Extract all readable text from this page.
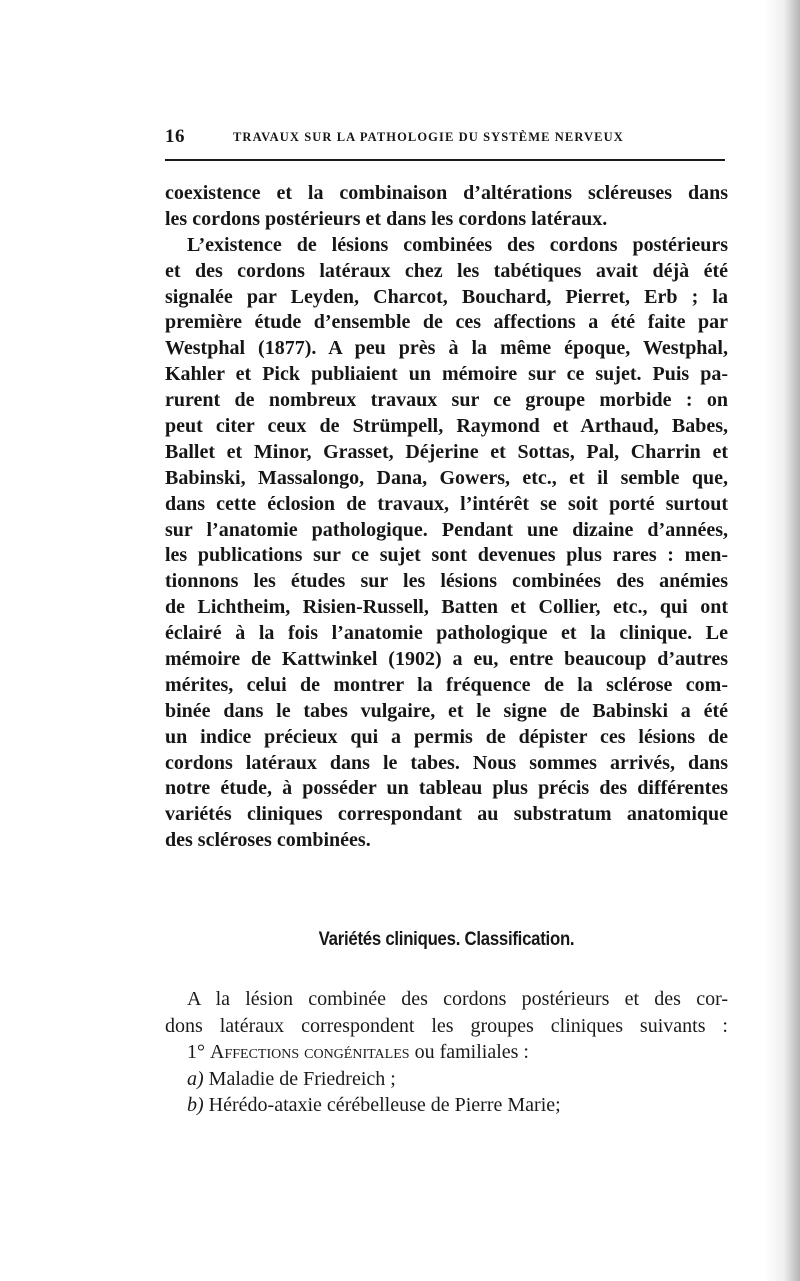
16	TRAVAUX SUR LA PATHOLOGIE DU SYSTÈME NERVEUX
coexistence et la combinaison d’altérations scléreuses dans
les cordons postérieurs et dans les cordons latéraux.
L’existence de lésions combinées des cordons postérieurs
et des cordons latéraux chez les tabétiques avait déjà été
signalée par Leyden, Charcot, Bouchard, Pierret, Erb ; la
première étude d’ensemble de ces affections a été faite par
Westphal (1877). A peu près à la même époque, Westphal,
Kahler et Pick publiaient un mémoire sur ce sujet. Puis pa-
rurent de nombreux travaux sur ce groupe morbide : on
peut citer ceux de Strümpell, Raymond et Arthaud, Babes,
Ballet et Minor, Grasset, Déjerine et Sottas, Pal, Charrin et
Babinski, Massalongo, Dana, Gowers, etc., et il semble que,
dans cette éclosion de travaux, l’intérêt se soit porté surtout
sur l’anatomie pathologique. Pendant une dizaine d’années,
les publications sur ce sujet sont devenues plus rares : men-
tionnons les études sur les lésions combinées des anémies
de Lichtheim, Risien-Russell, Batten et Collier, etc., qui ont
éclairé à la fois l’anatomie pathologique et la clinique. Le
mémoire de Kattwinkel (1902) a eu, entre beaucoup d’autres
mérites, celui de montrer la fréquence de la sclérose com-
binée dans le tabes vulgaire, et le signe de Babinski a été
un indice précieux qui a permis de dépister ces lésions de
cordons latéraux dans le tabes. Nous sommes arrivés, dans
notre étude, à posséder un tableau plus précis des différentes
variétés cliniques correspondant au substratum anatomique
des scléroses combinées.
Variétés cliniques. Classification.
A la lésion combinée des cordons postérieurs et des cor-
dons latéraux correspondent les groupes cliniques suivants :
1° Affections congénitales ou familiales :
a) Maladie de Friedreich ;
b) Hérédo-ataxie cérébelleuse de Pierre Marie;
